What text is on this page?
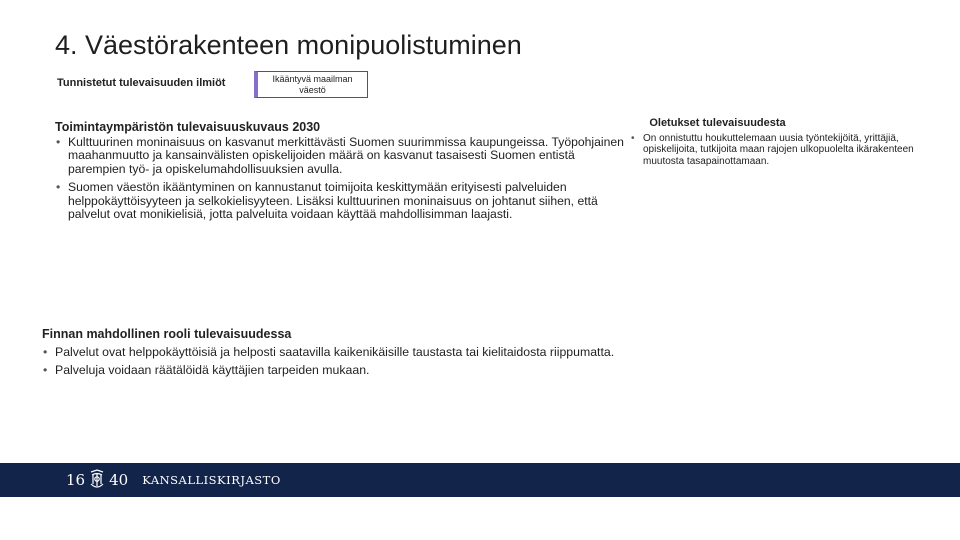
4. Väestörakenteen monipuolistuminen
Tunnistetut tulevaisuuden ilmiöt	Ikääntyvä maailman väestö
Toimintaympäristön tulevaisuuskuvaus 2030
• Kulttuurinen moninaisuus on kasvanut merkittävästi Suomen suurimmissa kaupungeissa. Työpohjainen maahanmuutto ja kansainvälisten opiskelijoiden määrä on kasvanut tasaisesti Suomen entistä parempien työ- ja opiskelumahdollisuuksien avulla.
• Suomen väestön ikääntyminen on kannustanut toimijoita keskittymään erityisesti palveluiden helppokäyttöisyyteen ja selkokielisyyteen. Lisäksi kulttuurinen moninaisuus on johtanut siihen, että palvelut ovat monikielisiä, jotta palveluita voidaan käyttää mahdollisimman laajasti.
Oletukset tulevaisuudesta
• On onnistuttu houkuttelemaan uusia työntekijöitä, yrittäjiä, opiskelijoita, tutkijoita maan rajojen ulkopuolelta ikärakenteen muutosta tasapainottamaan.
Finnan mahdollinen rooli tulevaisuudessa
• Palvelut ovat helppokäyttöisiä ja helposti saatavilla kaikenikäisille taustasta tai kielitaidosta riippumatta.
• Palveluja voidaan räätälöidä käyttäjien tarpeiden mukaan.
16 40 KANSALLISKIRJASTO
